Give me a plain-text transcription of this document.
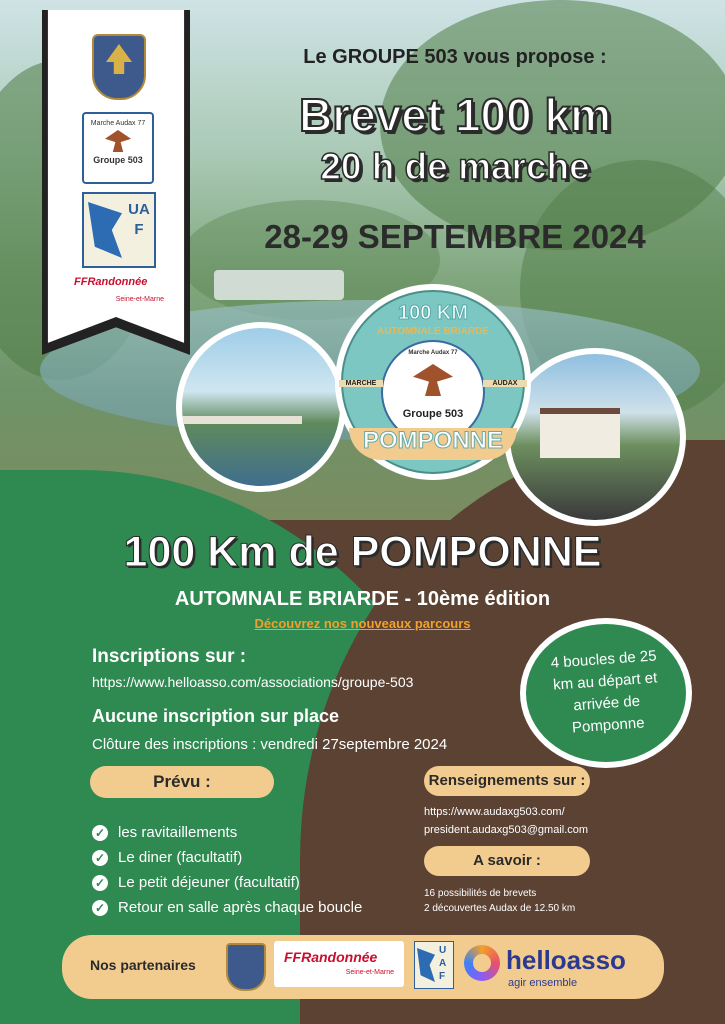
Marche Audax 77
Groupe 503
UAF
FFRandonnée
Seine-et-Marne
Le GROUPE 503 vous propose :
Brevet 100 km
20 h de marche
28-29 SEPTEMBRE 2024
100 KM
AUTOMNALE BRIARDE
Marche Audax 77
MARCHE	AUDAX
Groupe 503
POMPONNE
100 Km de POMPONNE
AUTOMNALE BRIARDE - 10ème édition
Découvrez nos nouveaux parcours
Inscriptions sur :
https://www.helloasso.com/associations/groupe-503
Aucune inscription sur place
Clôture des inscriptions : vendredi 27septembre 2024
4 boucles de 25 km au départ et arrivée de Pomponne
Prévu :
✓ les ravitaillements
✓ Le diner (facultatif)
✓ Le petit déjeuner (facultatif)
✓ Retour en salle après chaque boucle
Renseignements sur :
https://www.audaxg503.com/
president.audaxg503@gmail.com
A savoir :
16 possibilités de brevets
2 découvertes Audax de 12.50 km
Nos partenaires	FFRandonnée
Seine-et-Marne
UAF
helloasso
agir ensemble
